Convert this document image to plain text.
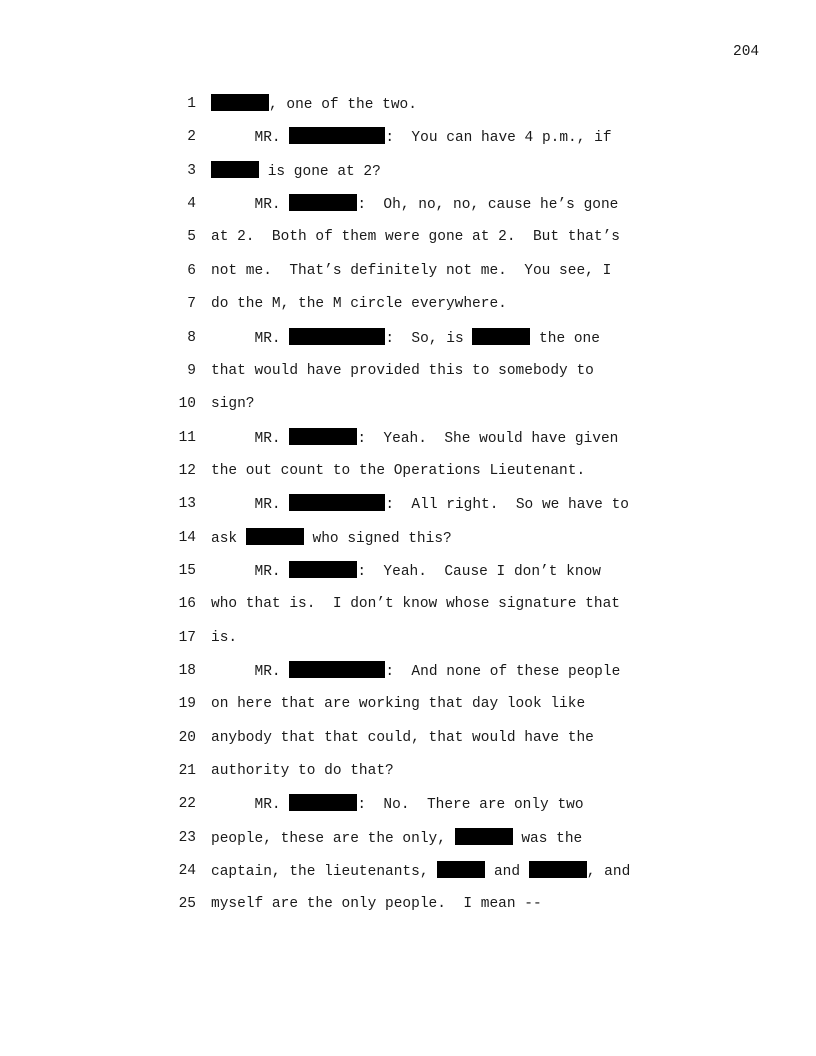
204
1	, one of the two.
2 MR.	:  You can have 4 p.m., if
3	is gone at 2?
4 MR.	:  Oh, no, no, cause he’s gone
5 at 2.  Both of them were gone at 2.  But that’s
6 not me.  That’s definitely not me.  You see, I
7 do the M, the M circle everywhere.
8 MR.	:  So, is	the one
9 that would have provided this to somebody to
10 sign?
11 MR.	:  Yeah.  She would have given
12 the out count to the Operations Lieutenant.
13 MR.	:  All right.  So we have to
14 ask	who signed this?
15 MR.	:  Yeah.  Cause I don’t know
16 who that is.  I don’t know whose signature that
17 is.
18 MR.	:  And none of these people
19 on here that are working that day look like
20 anybody that that could, that would have the
21 authority to do that?
22 MR.	:  No.  There are only two
23 people, these are the only,	was the
24 captain, the lieutenants,	and	, and
25 myself are the only people.  I mean --
